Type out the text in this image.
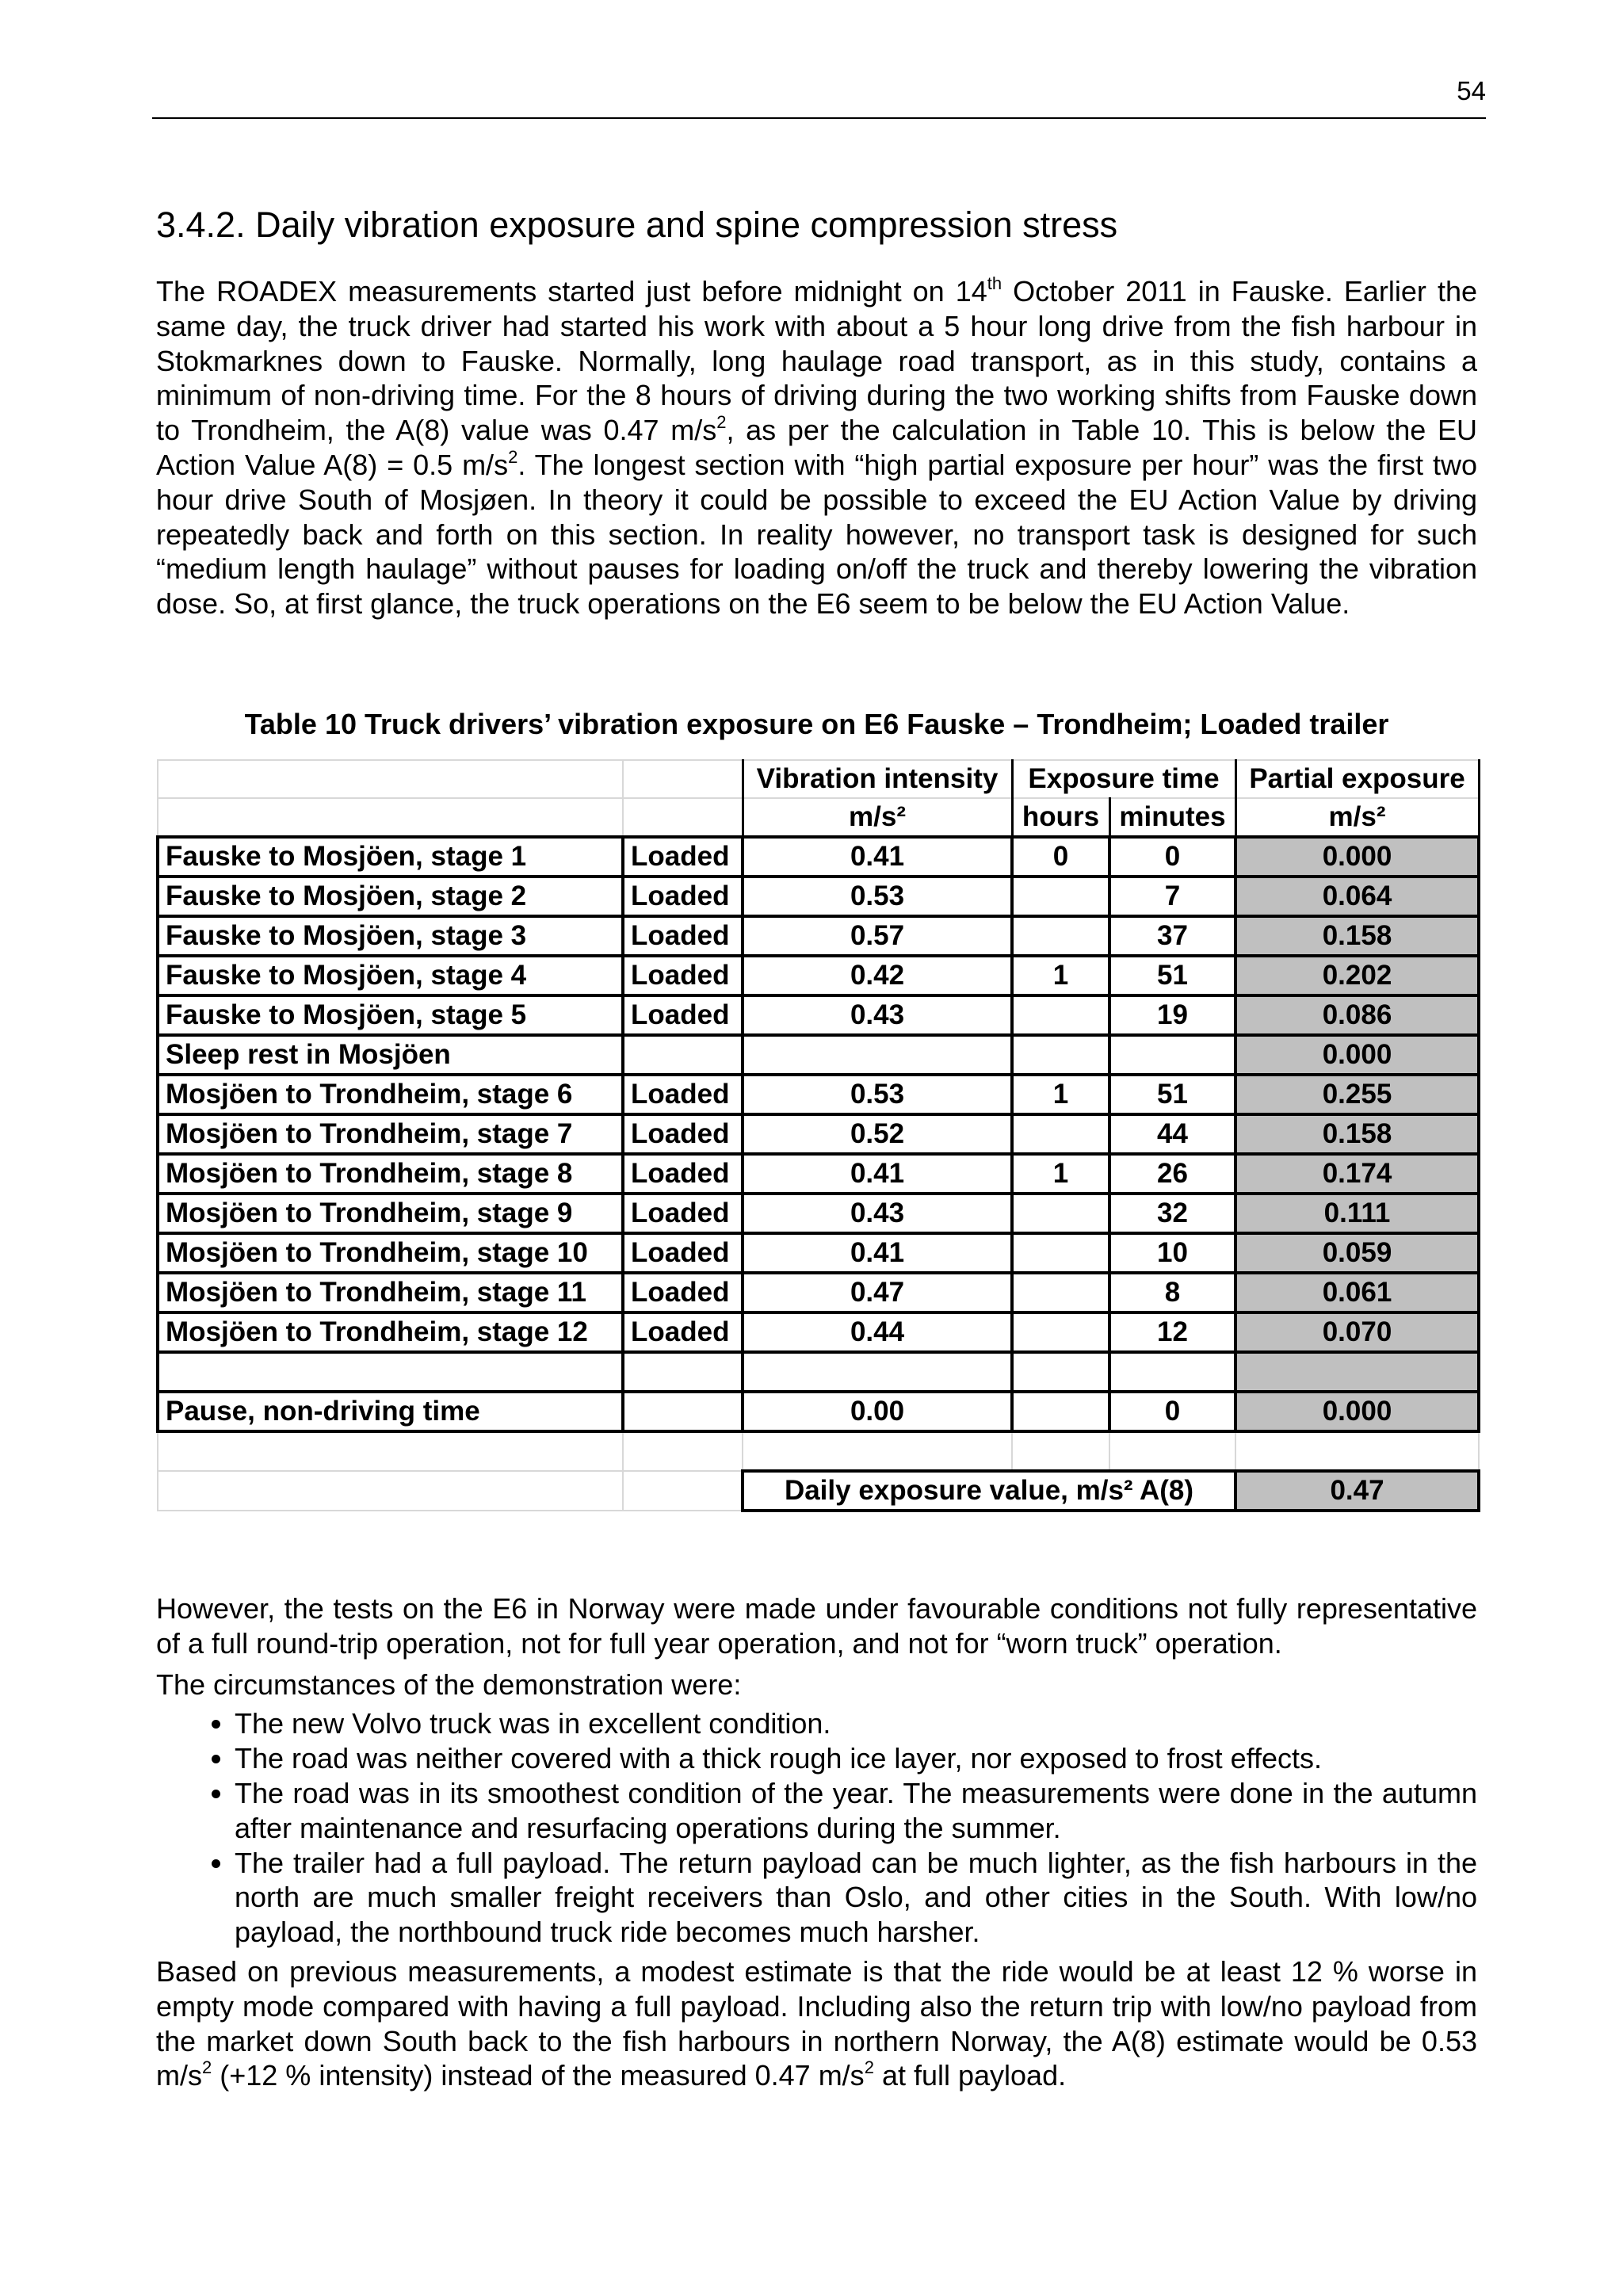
54
3.4.2. Daily vibration exposure and spine compression stress

The ROADEX measurements started just before midnight on 14th October 2011 in Fauske. Earlier the same day, the truck driver had started his work with about a 5 hour long drive from the fish harbour in Stokmarknes down to Fauske. Normally, long haulage road transport, as in this study, contains a minimum of non-driving time. For the 8 hours of driving during the two working shifts from Fauske down to Trondheim, the A(8) value was 0.47 $m/s^2$, as per the calculation in Table 10. This is below the EU Action Value A(8) = 0.5 $m/s^2$. The longest section with “high partial exposure per hour” was the first two hour drive South of Mosjøen. In theory it could be possible to exceed the EU Action Value by driving repeatedly back and forth on this section. In reality however, no transport task is designed for such “medium length haulage” without pauses for loading on/off the truck and thereby lowering the vibration dose. So, at first glance, the truck operations on the E6 seem to be below the EU Action Value.

Table 10 Truck drivers’ vibration exposure on E6 Fauske – Trondheim; Loaded trailer
		Vibration intensity	Exposure time		Partial exposure
		m/s²	hours	minutes	m/s²
Fauske to Mosjöen, stage 1	Loaded	0.41	0	0	0.000
Fauske to Mosjöen, stage 2	Loaded	0.53		7	0.064
Fauske to Mosjöen, stage 3	Loaded	0.57		37	0.158
Fauske to Mosjöen, stage 4	Loaded	0.42	1	51	0.202
Fauske to Mosjöen, stage 5	Loaded	0.43		19	0.086
Sleep rest in Mosjöen					0.000
Mosjöen to Trondheim, stage 6	Loaded	0.53	1	51	0.255
Mosjöen to Trondheim, stage 7	Loaded	0.52		44	0.158
Mosjöen to Trondheim, stage 8	Loaded	0.41	1	26	0.174
Mosjöen to Trondheim, stage 9	Loaded	0.43		32	0.111
Mosjöen to Trondheim, stage 10	Loaded	0.41		10	0.059
Mosjöen to Trondheim, stage 11	Loaded	0.47		8	0.061
Mosjöen to Trondheim, stage 12	Loaded	0.44		12	0.070

Pause, non-driving time		0.00		0	0.000

		Daily exposure value, m/s² A(8)			0.47

However, the tests on the E6 in Norway were made under favourable conditions not fully representative of a full round-trip operation, not for full year operation, and not for “worn truck” operation.

The circumstances of the demonstration were:

• The new Volvo truck was in excellent condition.
• The road was neither covered with a thick rough ice layer, nor exposed to frost effects.
• The road was in its smoothest condition of the year. The measurements were done in the autumn after maintenance and resurfacing operations during the summer.
• The trailer had a full payload. The return payload can be much lighter, as the fish harbours in the north are much smaller freight receivers than Oslo, and other cities in the South. With low/no payload, the northbound truck ride becomes much harsher.

Based on previous measurements, a modest estimate is that the ride would be at least 12 % worse in empty mode compared with having a full payload. Including also the return trip with low/no payload from the market down South back to the fish harbours in northern Norway, the A(8) estimate would be 0.53 $m/s^2$ (+12 % intensity) instead of the measured 0.47 $m/s^2$ at full payload.
